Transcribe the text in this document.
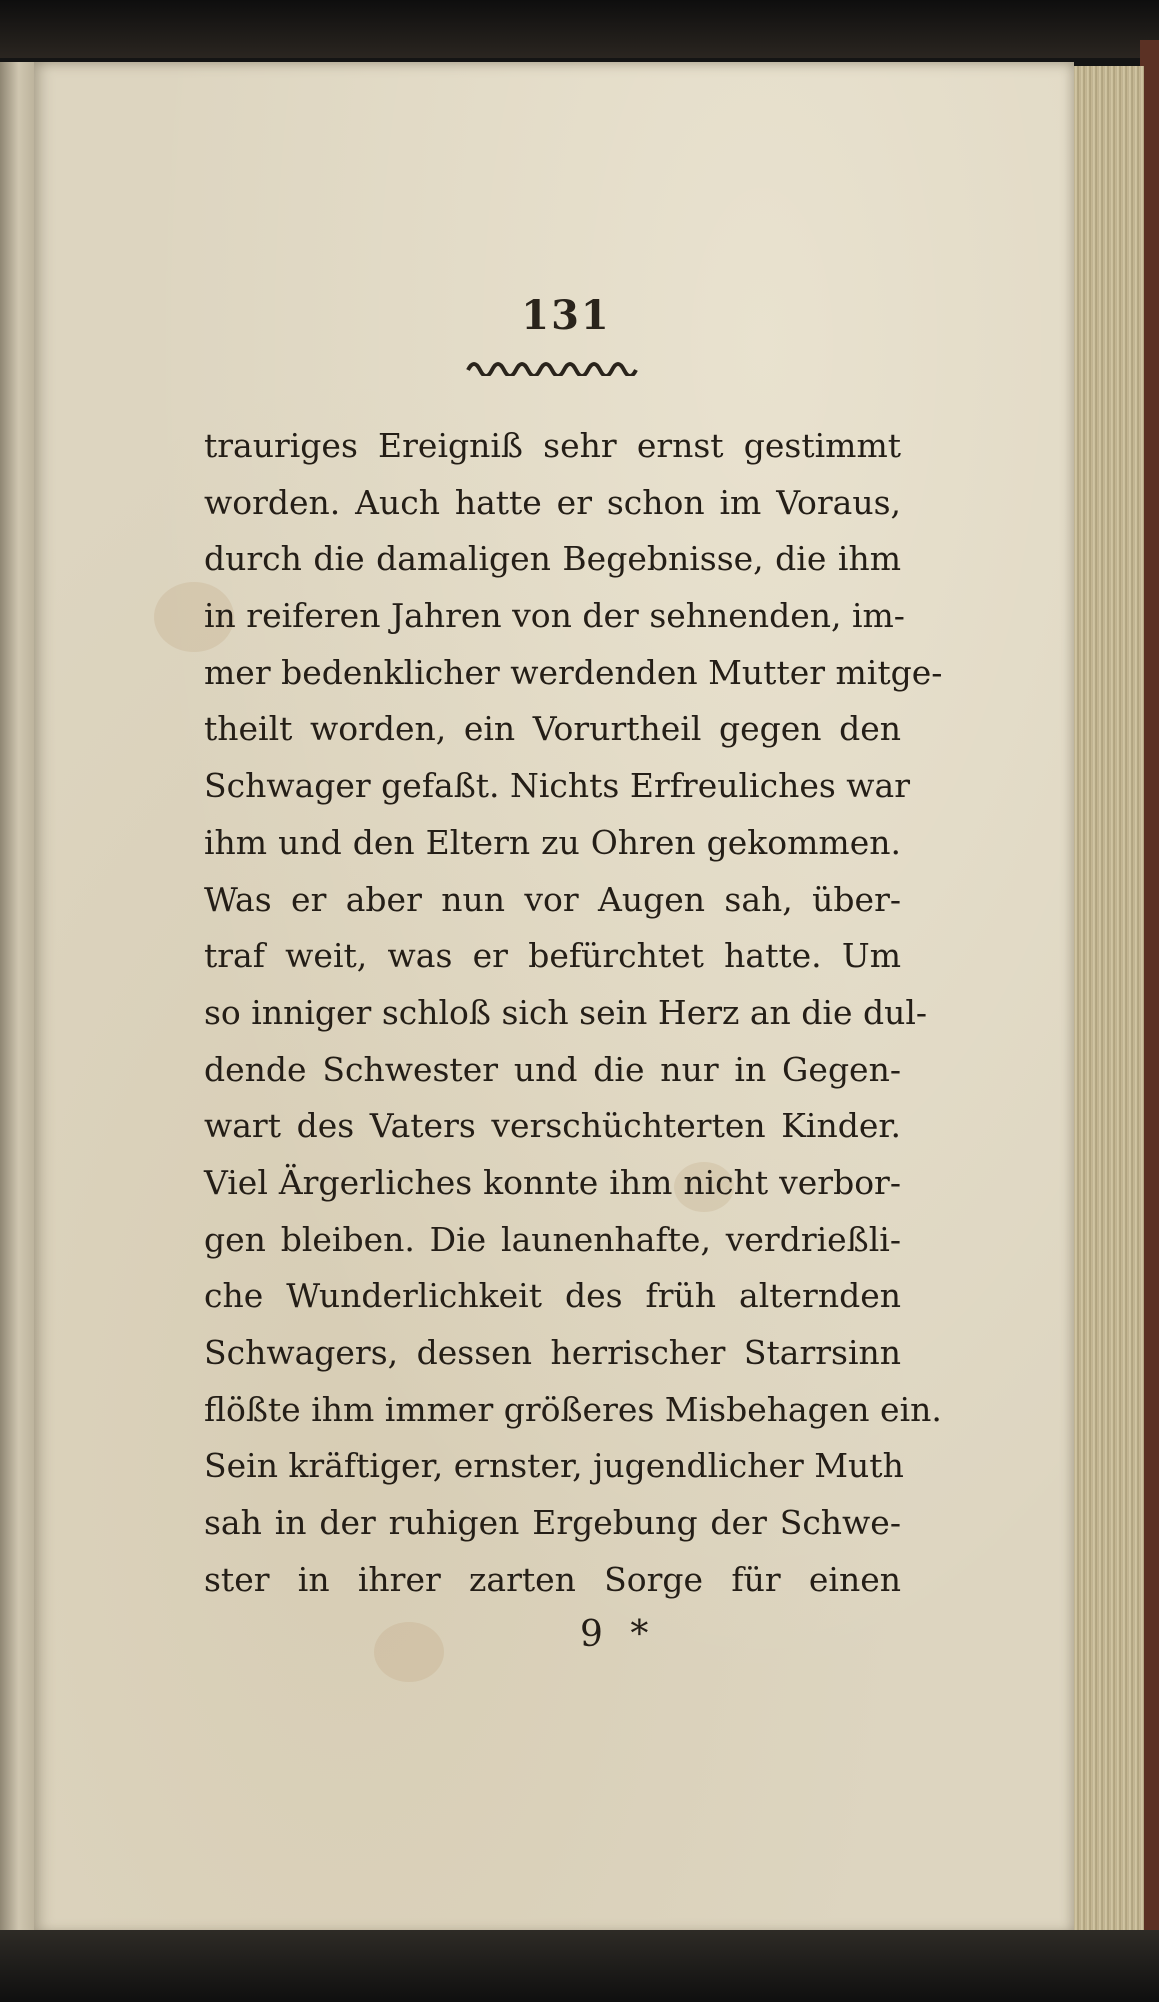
131
trauriges Ereigniß sehr ernst gestimmt
worden. Auch hatte er schon im Voraus,
durch die damaligen Begebnisse, die ihm
in reiferen Jahren von der sehnenden, im-
mer bedenklicher werdenden Mutter mitge-
theilt worden, ein Vorurtheil gegen den
Schwager gefaßt. Nichts Erfreuliches war
ihm und den Eltern zu Ohren gekommen.
Was er aber nun vor Augen sah, über-
traf weit, was er befürchtet hatte. Um
so inniger schloß sich sein Herz an die dul-
dende Schwester und die nur in Gegen-
wart des Vaters verschüchterten Kinder.
Viel Ärgerliches konnte ihm nicht verbor-
gen bleiben. Die launenhafte, verdrießli-
che Wunderlichkeit des früh alternden
Schwagers, dessen herrischer Starrsinn
flößte ihm immer größeres Misbehagen ein.
Sein kräftiger, ernster, jugendlicher Muth
sah in der ruhigen Ergebung der Schwe-
ster in ihrer zarten Sorge für einen
9 *
